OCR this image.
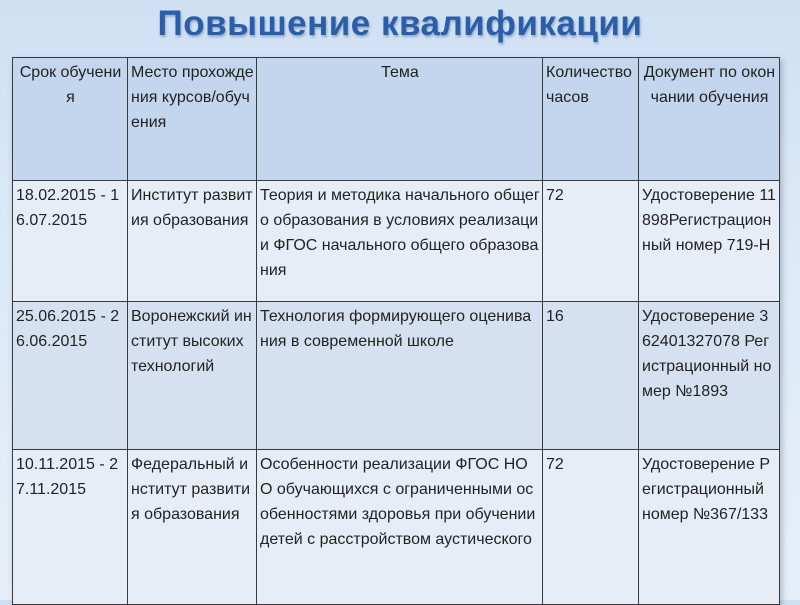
Повышение квалификации
Срок обучения	Место прохождения курсов/обучения	Тема	Количество часов	Документ по окончании обучения
18.02.2015 - 16.07.2015	Институт развития образования	Теория и методика начального общего образования в условиях реализации ФГОС начального общего образования	72	Удостоверение 11898Регистрационный номер 719-Н
25.06.2015 - 26.06.2015	Воронежский институт высоких технологий	Технология формирующего оценивания в современной школе	16	Удостоверение 362401327078 Регистрационный номер №1893
10.11.2015 - 27.11.2015	Федеральный институт развития образования	Особенности реализации ФГОС НОО обучающихся с ограниченными особенностями здоровья при обучении детей с расстройством аустического	72	Удостоверение Регистрационный номер №367/133
